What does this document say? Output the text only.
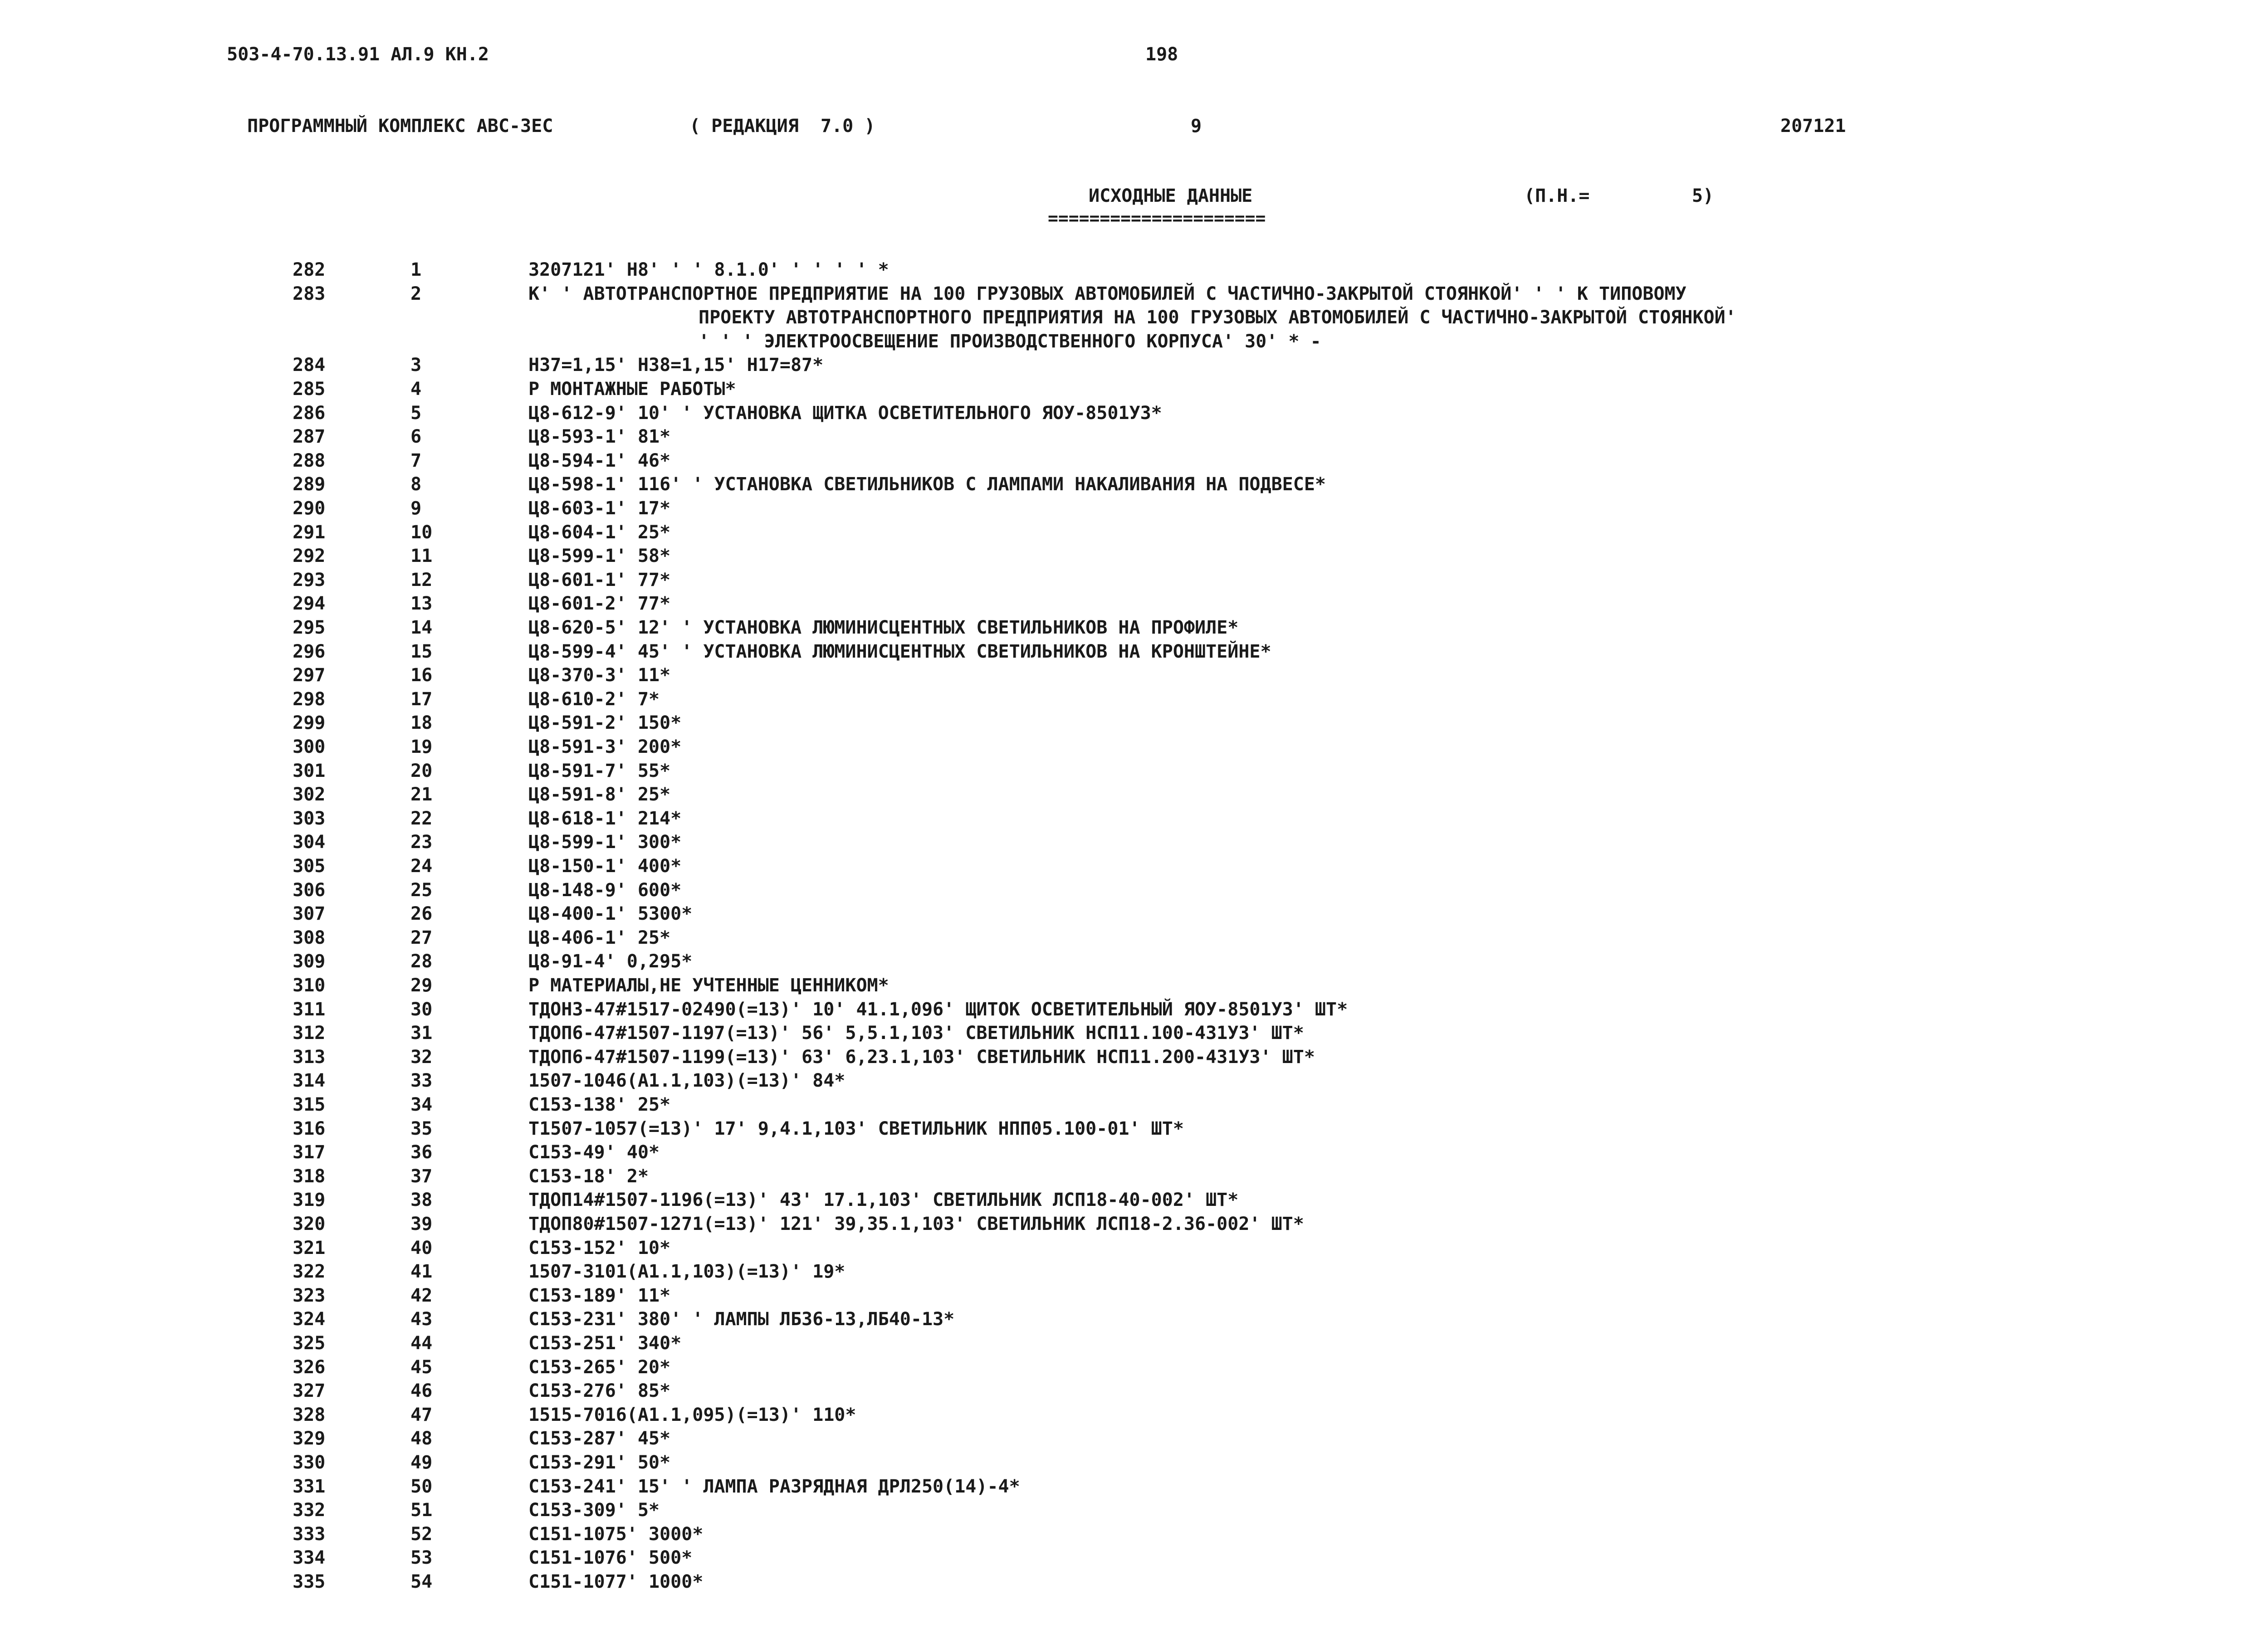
503-4-70.13.91 АЛ.9 КН.2	198
ПРОГРАММНЫЙ КОМПЛЕКС АВС-3ЕС	( РЕДАКЦИЯ  7.0 )	9	207121
ИСХОДНЫЕ ДАННЫЕ
=====================
(П.Н.=	5)
282	1	3207121' Н8' ' ' 8.1.0' ' ' ' ' *
283	2	К' ' АВТОТРАНСПОРТНОЕ ПРЕДПРИЯТИЕ НА 100 ГРУЗОВЫХ АВТОМОБИЛЕЙ С ЧАСТИЧНО-ЗАКРЫТОЙ СТОЯНКОЙ' ' ' К ТИПОВОМУ
ПРОЕКТУ АВТОТРАНСПОРТНОГО ПРЕДПРИЯТИЯ НА 100 ГРУЗОВЫХ АВТОМОБИЛЕЙ С ЧАСТИЧНО-ЗАКРЫТОЙ СТОЯНКОЙ'
' ' ' ЭЛЕКТРООСВЕЩЕНИЕ ПРОИЗВОДСТВЕННОГО КОРПУСА' 30' * -
284	3	Н37=1,15' Н38=1,15' Н17=87*
285	4	Р МОНТАЖНЫЕ РАБОТЫ*
286	5	Ц8-612-9' 10' ' УСТАНОВКА ЩИТКА ОСВЕТИТЕЛЬНОГО ЯОУ-8501У3*
287	6	Ц8-593-1' 81*
288	7	Ц8-594-1' 46*
289	8	Ц8-598-1' 116' ' УСТАНОВКА СВЕТИЛЬНИКОВ С ЛАМПАМИ НАКАЛИВАНИЯ НА ПОДВЕСЕ*
290	9	Ц8-603-1' 17*
291	10	Ц8-604-1' 25*
292	11	Ц8-599-1' 58*
293	12	Ц8-601-1' 77*
294	13	Ц8-601-2' 77*
295	14	Ц8-620-5' 12' ' УСТАНОВКА ЛЮМИНИСЦЕНТНЫХ СВЕТИЛЬНИКОВ НА ПРОФИЛЕ*
296	15	Ц8-599-4' 45' ' УСТАНОВКА ЛЮМИНИСЦЕНТНЫХ СВЕТИЛЬНИКОВ НА КРОНШТЕЙНЕ*
297	16	Ц8-370-3' 11*
298	17	Ц8-610-2' 7*
299	18	Ц8-591-2' 150*
300	19	Ц8-591-3' 200*
301	20	Ц8-591-7' 55*
302	21	Ц8-591-8' 25*
303	22	Ц8-618-1' 214*
304	23	Ц8-599-1' 300*
305	24	Ц8-150-1' 400*
306	25	Ц8-148-9' 600*
307	26	Ц8-400-1' 5300*
308	27	Ц8-406-1' 25*
309	28	Ц8-91-4' 0,295*
310	29	Р МАТЕРИАЛЫ,НЕ УЧТЕННЫЕ ЦЕННИКОМ*
311	30	ТДОН3-47#1517-02490(=13)' 10' 41.1,096' ЩИТОК ОСВЕТИТЕЛЬНЫЙ ЯОУ-8501У3' ШТ*
312	31	ТДОП6-47#1507-1197(=13)' 56' 5,5.1,103' СВЕТИЛЬНИК НСП11.100-431У3' ШТ*
313	32	ТДОП6-47#1507-1199(=13)' 63' 6,23.1,103' СВЕТИЛЬНИК НСП11.200-431У3' ШТ*
314	33	1507-1046(А1.1,103)(=13)' 84*
315	34	С153-138' 25*
316	35	Т1507-1057(=13)' 17' 9,4.1,103' СВЕТИЛЬНИК НПП05.100-01' ШТ*
317	36	С153-49' 40*
318	37	С153-18' 2*
319	38	ТДОП14#1507-1196(=13)' 43' 17.1,103' СВЕТИЛЬНИК ЛСП18-40-002' ШТ*
320	39	ТДОП80#1507-1271(=13)' 121' 39,35.1,103' СВЕТИЛЬНИК ЛСП18-2.36-002' ШТ*
321	40	С153-152' 10*
322	41	1507-3101(А1.1,103)(=13)' 19*
323	42	С153-189' 11*
324	43	С153-231' 380' ' ЛАМПЫ ЛБ36-13,ЛБ40-13*
325	44	С153-251' 340*
326	45	С153-265' 20*
327	46	С153-276' 85*
328	47	1515-7016(А1.1,095)(=13)' 110*
329	48	С153-287' 45*
330	49	С153-291' 50*
331	50	С153-241' 15' ' ЛАМПА РАЗРЯДНАЯ ДРЛ250(14)-4*
332	51	С153-309' 5*
333	52	С151-1075' 3000*
334	53	С151-1076' 500*
335	54	С151-1077' 1000*
